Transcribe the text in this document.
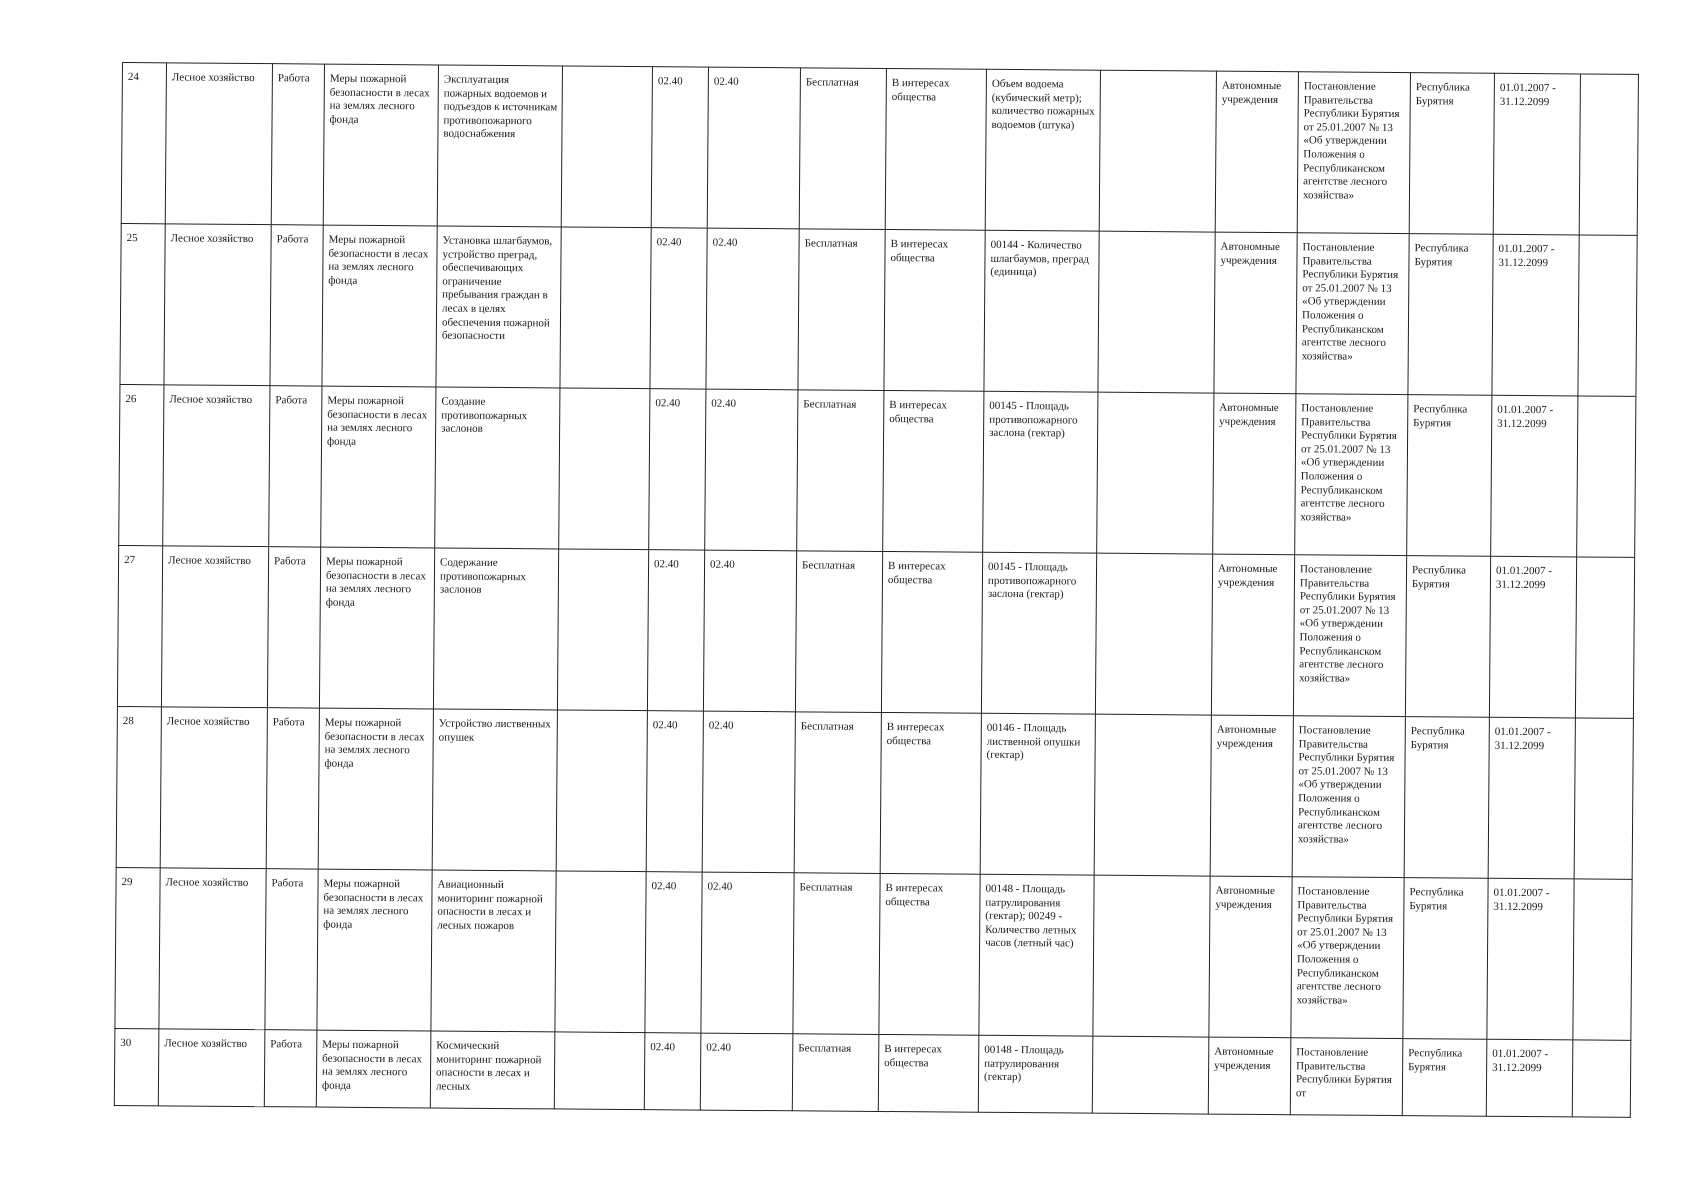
24	Лесное хозяйство	Работа	Меры пожарной безопасности в лесах на землях лесного фонда	Эксплуатация пожарных водоемов и подъездов к источникам противопожарного водоснабжения		02.40	02.40	Бесплатная	В интересах общества	Объем водоема (кубический метр); количество пожарных водоемов (штука)		Автономные учреждения	Постановление Правительства Республики Бурятия от 25.01.2007 № 13 «Об утверждении Положения о Республиканском агентстве лесного хозяйства»	Республика Бурятия	01.01.2007 - 31.12.2099	
25	Лесное хозяйство	Работа	Меры пожарной безопасности в лесах на землях лесного фонда	Установка шлагбаумов, устройство преград, обеспечивающих ограничение пребывания граждан в лесах в целях обеспечения пожарной безопасности		02.40	02.40	Бесплатная	В интересах общества	00144 - Количество шлагбаумов, преград (единица)		Автономные учреждения	Постановление Правительства Республики Бурятия от 25.01.2007 № 13 «Об утверждении Положения о Республиканском агентстве лесного хозяйства»	Республика Бурятия	01.01.2007 - 31.12.2099	
26	Лесное хозяйство	Работа	Меры пожарной безопасности в лесах на землях лесного фонда	Создание противопожарных заслонов		02.40	02.40	Бесплатная	В интересах общества	00145 - Площадь противопожарного заслона (гектар)		Автономные учреждения	Постановление Правительства Республики Бурятия от 25.01.2007 № 13 «Об утверждении Положения о Республиканском агентстве лесного хозяйства»	Республика Бурятия	01.01.2007 - 31.12.2099	
27	Лесное хозяйство	Работа	Меры пожарной безопасности в лесах на землях лесного фонда	Содержание противопожарных заслонов		02.40	02.40	Бесплатная	В интересах общества	00145 - Площадь противопожарного заслона (гектар)		Автономные учреждения	Постановление Правительства Республики Бурятия от 25.01.2007 № 13 «Об утверждении Положения о Республиканском агентстве лесного хозяйства»	Республика Бурятия	01.01.2007 - 31.12.2099	
28	Лесное хозяйство	Работа	Меры пожарной безопасности в лесах на землях лесного фонда	Устройство лиственных опушек		02.40	02.40	Бесплатная	В интересах общества	00146 - Площадь лиственной опушки (гектар)		Автономные учреждения	Постановление Правительства Республики Бурятия от 25.01.2007 № 13 «Об утверждении Положения о Республиканском агентстве лесного хозяйства»	Республика Бурятия	01.01.2007 - 31.12.2099	
29	Лесное хозяйство	Работа	Меры пожарной безопасности в лесах на землях лесного фонда	Авиационный мониторинг пожарной опасности в лесах и лесных пожаров		02.40	02.40	Бесплатная	В интересах общества	00148 - Площадь патрулирования (гектар); 00249 - Количество летных часов (летный час)		Автономные учреждения	Постановление Правительства Республики Бурятия от 25.01.2007 № 13 «Об утверждении Положения о Республиканском агентстве лесного хозяйства»	Республика Бурятия	01.01.2007 - 31.12.2099	
30	Лесное хозяйство	Работа	Меры пожарной безопасности в лесах на землях лесного фонда	Космический мониторинг пожарной опасности в лесах и лесных		02.40	02.40	Бесплатная	В интересах общества	00148 - Площадь патрулирования (гектар)		Автономные учреждения	Постановление Правительства Республики Бурятия от	Республика Бурятия	01.01.2007 - 31.12.2099	
